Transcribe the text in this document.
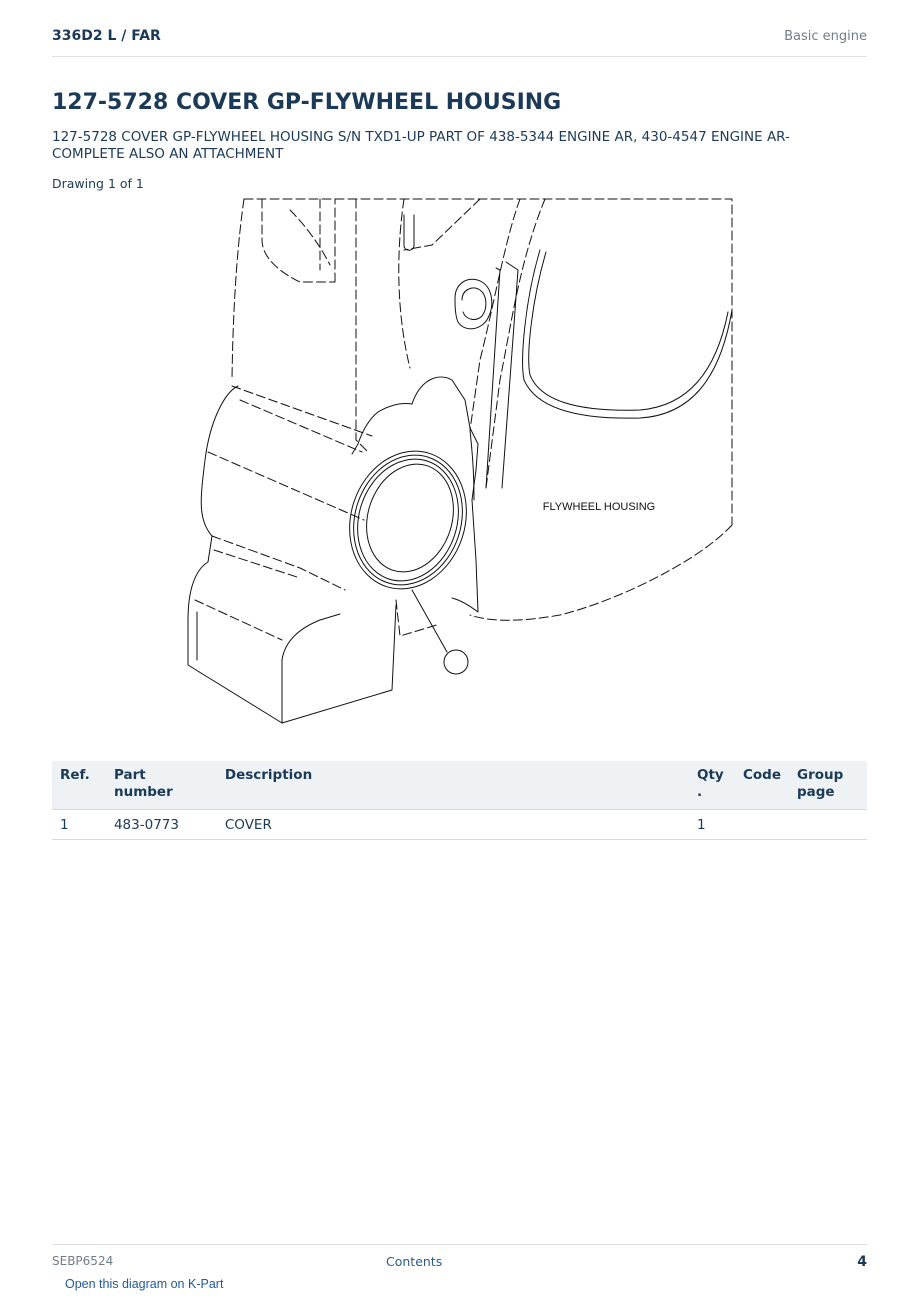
336D2 L / FAR	Basic engine
127-5728 COVER GP-FLYWHEEL HOUSING
127-5728 COVER GP-FLYWHEEL HOUSING S/N TXD1-UP PART OF 438-5344 ENGINE AR, 430-4547 ENGINE AR-COMPLETE ALSO AN ATTACHMENT
Drawing 1 of 1
FLYWHEEL HOUSING
Ref.	Part number	Description	Qty .	Code	Group page
1	483-0773	COVER	1		
SEBP6524	Contents	4
Open this diagram on K-Part
